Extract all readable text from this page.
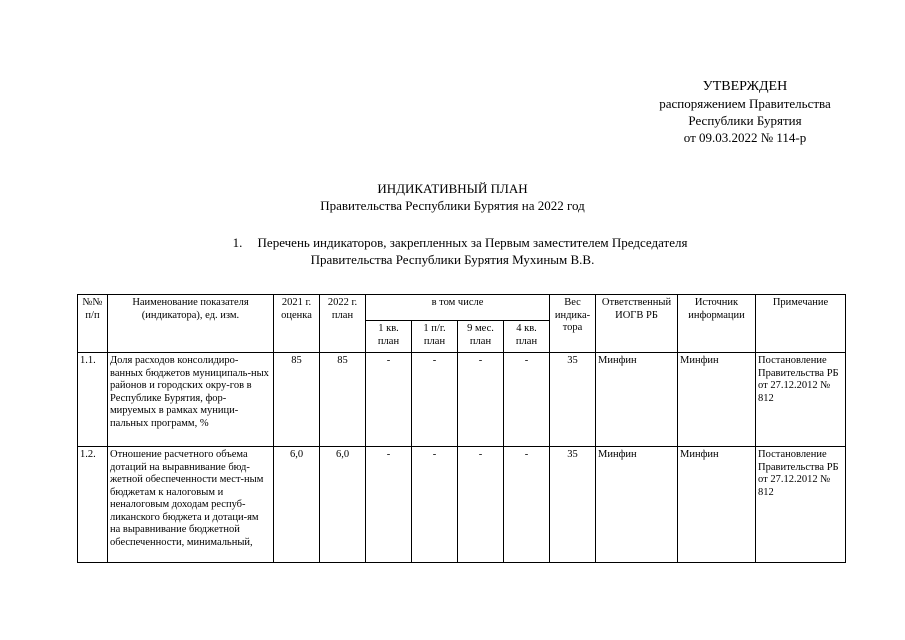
УТВЕРЖДЕН
распоряжением Правительства
Республики Бурятия
от 09.03.2022 № 114-р
ИНДИКАТИВНЫЙ ПЛАН
Правительства Республики Бурятия на 2022 год
1. Перечень индикаторов, закрепленных за Первым заместителем Председателя
Правительства Республики Бурятия Мухиным В.В.
№№ п/п	Наименование показателя (индикатора), ед. изм.	2021 г. оценка	2022 г. план	в том числе				Вес индика-тора	Ответственный ИОГВ РБ	Источник информации	Примечание
				1 кв. план	1 п/г. план	9 мес. план	4 кв. план				
1.1.	Доля расходов консолидиро-ванных бюджетов муниципаль-ных районов и городских окру-гов в Республике Бурятия, фор-мируемых в рамках муници-пальных программ, %	85	85	-	-	-	-	35	Минфин	Минфин	Постановление Правительства РБ от 27.12.2012 № 812
1.2.	Отношение расчетного объема дотаций на выравнивание бюд-жетной обеспеченности мест-ным бюджетам к налоговым и неналоговым доходам респуб-ликанского бюджета и дотаци-ям на выравнивание бюджетной обеспеченности, минимальный,	6,0	6,0	-	-	-	-	35	Минфин	Минфин	Постановление Правительства РБ от 27.12.2012 № 812
